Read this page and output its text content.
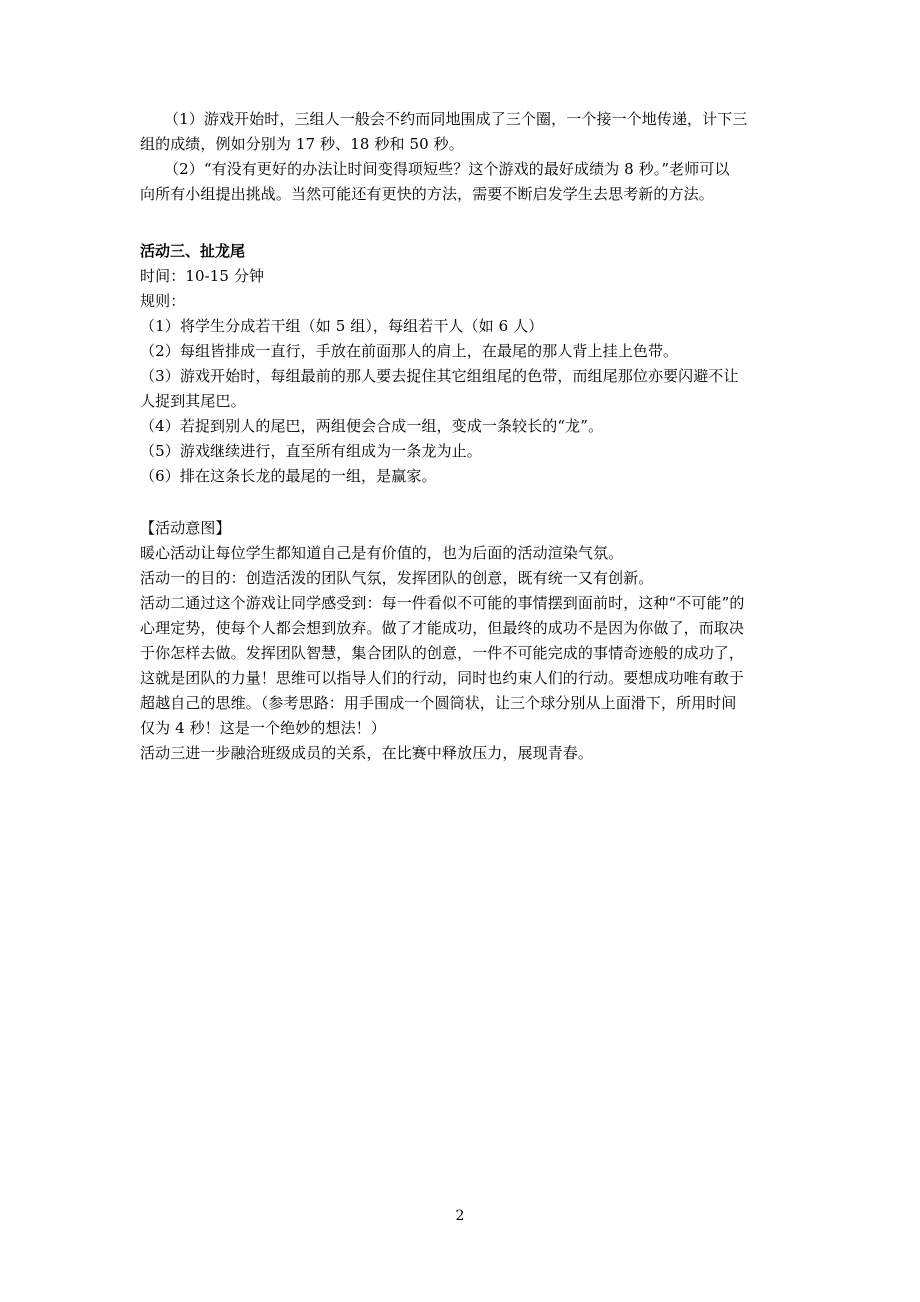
（1）游戏开始时，三组人一般会不约而同地围成了三个圈，一个接一个地传递，计下三

组的成绩，例如分别为 17 秒、18 秒和 50 秒。

（2）“有没有更好的办法让时间变得项短些？这个游戏的最好成绩为 8 秒。”老师可以

向所有小组提出挑战。当然可能还有更快的方法，需要不断启发学生去思考新的方法。

活动三、扯龙尾

时间：10-15 分钟

规则：

（1）将学生分成若干组（如 5 组），每组若干人（如 6 人）

（2）每组皆排成一直行，手放在前面那人的肩上，在最尾的那人背上挂上色带。

（3）游戏开始时，每组最前的那人要去捉住其它组组尾的色带，而组尾那位亦要闪避不让

人捉到其尾巴。

（4）若捉到别人的尾巴，两组便会合成一组，变成一条较长的“龙”。

（5）游戏继续进行，直至所有组成为一条龙为止。

（6）排在这条长龙的最尾的一组，是赢家。

【活动意图】

暖心活动让每位学生都知道自己是有价值的，也为后面的活动渲染气氛。

活动一的目的：创造活泼的团队气氛，发挥团队的创意，既有统一又有创新。

活动二通过这个游戏让同学感受到：每一件看似不可能的事情摆到面前时，这种“不可能”的

心理定势，使每个人都会想到放弃。做了才能成功，但最终的成功不是因为你做了，而取决

于你怎样去做。发挥团队智慧，集合团队的创意，一件不可能完成的事情奇迹般的成功了，

这就是团队的力量！思维可以指导人们的行动，同时也约束人们的行动。要想成功唯有敢于

超越自己的思维。（参考思路：用手围成一个圆筒状，让三个球分别从上面滑下，所用时间

仅为 4 秒！这是一个绝妙的想法！）

活动三进一步融洽班级成员的关系，在比赛中释放压力，展现青春。

2
